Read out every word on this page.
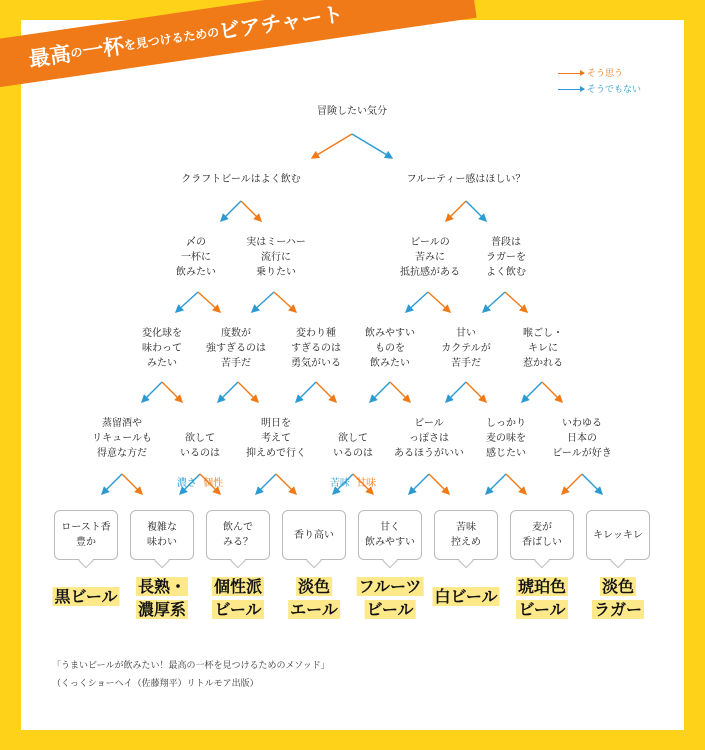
最高
の
一杯
を見つけるための
ビアチャート
そう思う
そうでもない
冒険したい気分
クラフトビールはよく飲む	フルーティー感はほしい？
〆の
一杯に
飲みたい
実はミーハー
流行に
乗りたい
ビールの
苦みに
抵抗感がある
普段は
ラガーを
よく飲む
変化球を
味わって
みたい
度数が
強すぎるのは
苦手だ
変わり種
すぎるのは
勇気がいる
飲みやすい
ものを
飲みたい
甘い
カクテルが
苦手だ
喉ごし・
キレに
惹かれる
蒸留酒や
リキュールも
得意な方だ

欲して
いるのは

濃さ 個性

明日を
考えて
抑えめで行く

欲して
いるのは

苦味 甘味

ビール
っぽさは
あるほうがいい
しっかり
麦の味を
感じたい
いわゆる
日本の
ビールが好き
ロースト香
豊か
複雑な
味わい
飲んで
みる？
香り高い
甘く
飲みやすい
苦味
控えめ
麦が
香ばしい
キレッキレ
黒ビール
長熟・
濃厚系
個性派
ビール
淡色
エール
フルーツ
ビール
白ビール
琥珀色
ビール
淡色
ラガー
「うまいビールが飲みたい！最高の一杯を見つけるためのメソッド」
（くっくショーヘイ（佐藤翔平）リトルモア出版）
